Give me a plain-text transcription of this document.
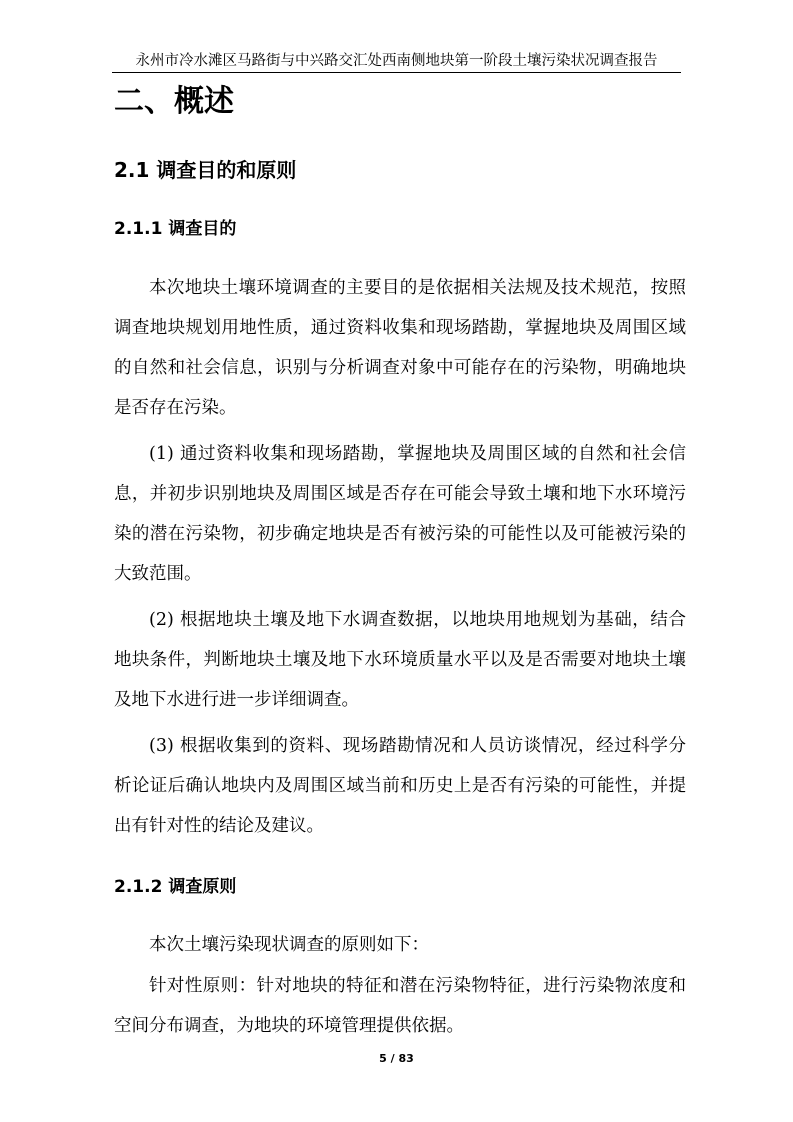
永州市冷水滩区马路街与中兴路交汇处西南侧地块第一阶段土壤污染状况调查报告
二、概述
2.1 调查目的和原则
2.1.1 调查目的

本次地块土壤环境调查的主要目的是依据相关法规及技术规范，按照调查地块规划用地性质，通过资料收集和现场踏勘，掌握地块及周围区域的自然和社会信息，识别与分析调查对象中可能存在的污染物，明确地块是否存在污染。

(1) 通过资料收集和现场踏勘，掌握地块及周围区域的自然和社会信息，并初步识别地块及周围区域是否存在可能会导致土壤和地下水环境污染的潜在污染物，初步确定地块是否有被污染的可能性以及可能被污染的大致范围。

(2) 根据地块土壤及地下水调查数据，以地块用地规划为基础，结合地块条件，判断地块土壤及地下水环境质量水平以及是否需要对地块土壤及地下水进行进一步详细调查。

(3) 根据收集到的资料、现场踏勘情况和人员访谈情况，经过科学分析论证后确认地块内及周围区域当前和历史上是否有污染的可能性，并提出有针对性的结论及建议。

2.1.2 调查原则

本次土壤污染现状调查的原则如下：

针对性原则：针对地块的特征和潜在污染物特征，进行污染物浓度和空间分布调查，为地块的环境管理提供依据。

5 / 83
